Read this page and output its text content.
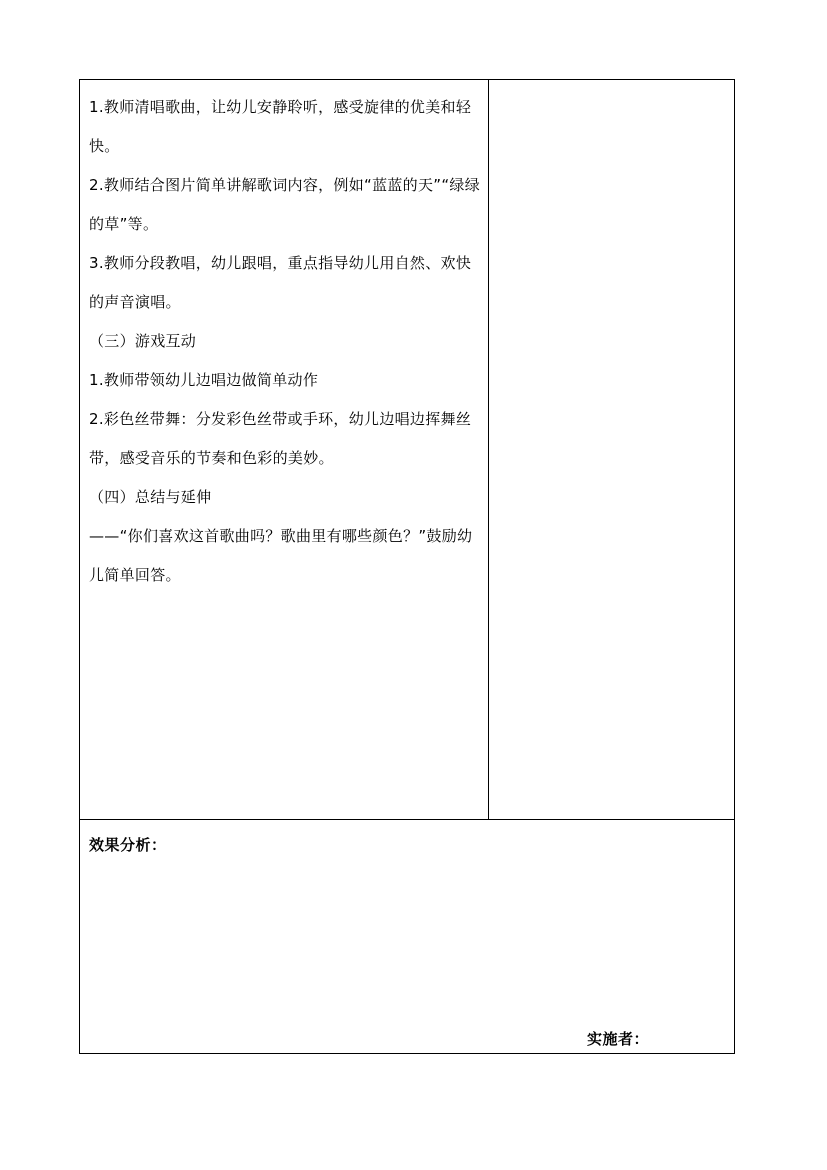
1.教师清唱歌曲，让幼儿安静聆听，感受旋律的优美和轻快。

2.教师结合图片简单讲解歌词内容，例如“蓝蓝的天”“绿绿的草”等。

3.教师分段教唱，幼儿跟唱，重点指导幼儿用自然、欢快的声音演唱。

（三）游戏互动

1.教师带领幼儿边唱边做简单动作

2.彩色丝带舞：分发彩色丝带或手环，幼儿边唱边挥舞丝带，感受音乐的节奏和色彩的美妙。

（四）总结与延伸

——“你们喜欢这首歌曲吗？歌曲里有哪些颜色？”鼓励幼儿简单回答。

效果分析：
实施者：
